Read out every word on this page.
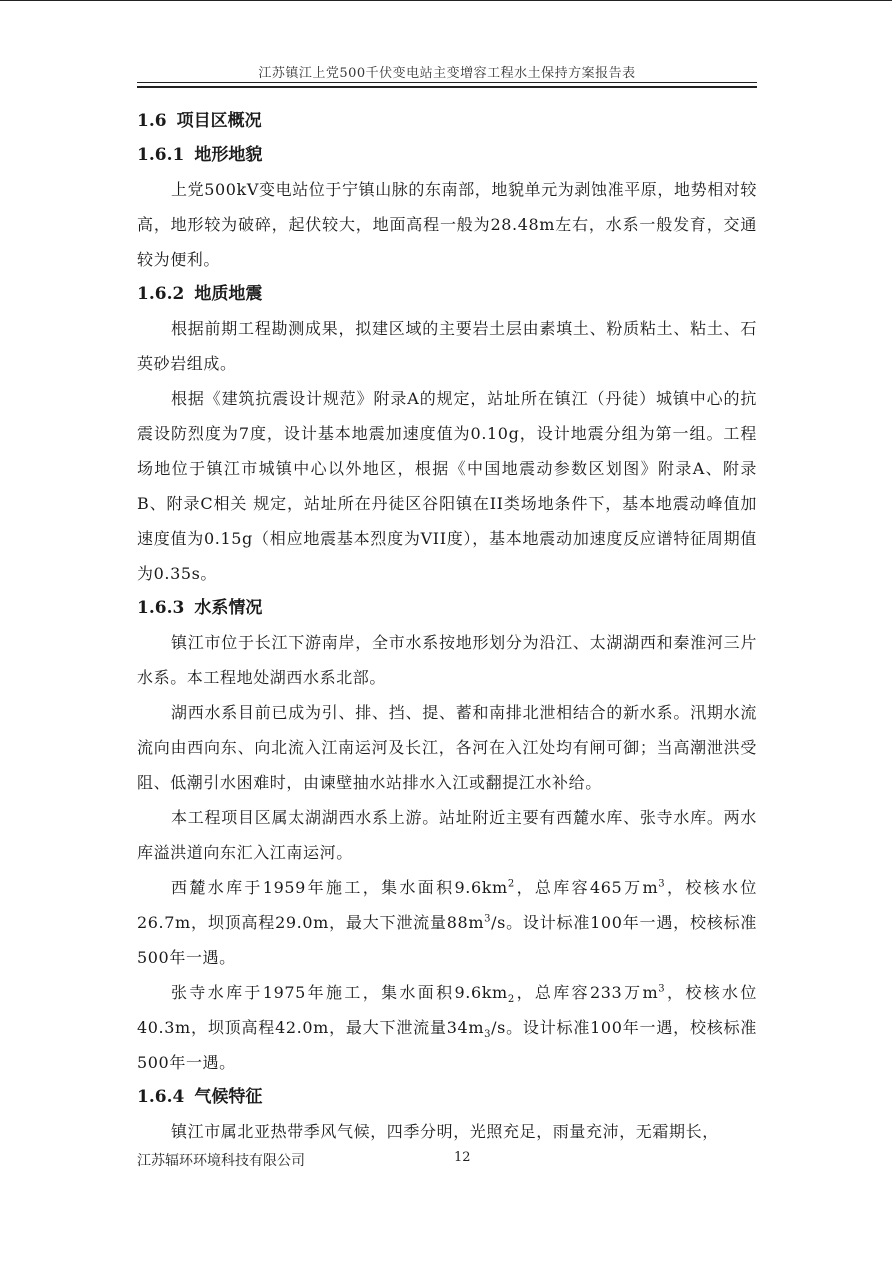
江苏镇江上党500千伏变电站主变增容工程水土保持方案报告表
1.6 项目区概况
1.6.1 地形地貌

上党500kV变电站位于宁镇山脉的东南部，地貌单元为剥蚀准平原，地势相对较高，地形较为破碎，起伏较大，地面高程一般为28.48m左右，水系一般发育，交通较为便利。

1.6.2 地质地震

根据前期工程勘测成果，拟建区域的主要岩土层由素填土、粉质粘土、粘土、石英砂岩组成。

根据《建筑抗震设计规范》附录A的规定，站址所在镇江（丹徒）城镇中心的抗震设防烈度为7度，设计基本地震加速度值为0.10g，设计地震分组为第一组。工程场地位于镇江市城镇中心以外地区，根据《中国地震动参数区划图》附录A、附录B、附录C相关 规定，站址所在丹徒区谷阳镇在II类场地条件下，基本地震动峰值加速度值为0.15g（相应地震基本烈度为VII度），基本地震动加速度反应谱特征周期值为0.35s。

1.6.3 水系情况

镇江市位于长江下游南岸，全市水系按地形划分为沿江、太湖湖西和秦淮河三片水系。本工程地处湖西水系北部。

湖西水系目前已成为引、排、挡、提、蓄和南排北泄相结合的新水系。汛期水流流向由西向东、向北流入江南运河及长江，各河在入江处均有闸可御；当高潮泄洪受阻、低潮引水困难时，由谏壁抽水站排水入江或翻提江水补给。

本工程项目区属太湖湖西水系上游。站址附近主要有西麓水库、张寺水库。两水库溢洪道向东汇入江南运河。

西麓水库于1959年施工，集水面积$9.6km^2$，总库容465万$m^3$，校核水位26.7m，坝顶高程29.0m，最大下泄流量$88m^3/s$。设计标准100年一遇，校核标准500年一遇。

张寺水库于1975年施工，集水面积$9.6km_2$，总库容233万$m^3$，校核水位40.3m，坝顶高程42.0m，最大下泄流量$34m_3/s$。设计标准100年一遇，校核标准500年一遇。

1.6.4 气候特征

镇江市属北亚热带季风气候，四季分明，光照充足，雨量充沛，无霜期长，

江苏辐环环境科技有限公司	12
